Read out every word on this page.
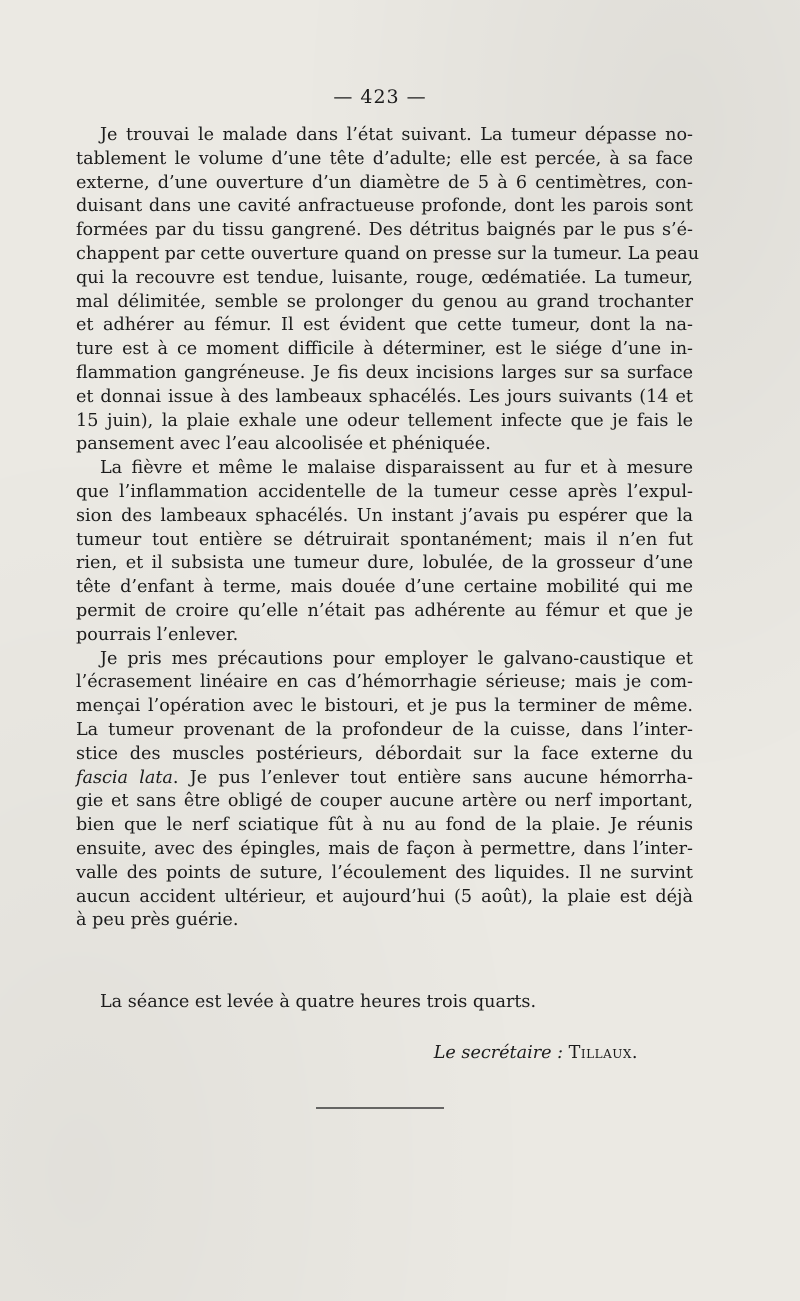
— 423 —
Je trouvai le malade dans l’état suivant. La tumeur dépasse no-
tablement le volume d’une tête d’adulte; elle est percée, à sa face
externe, d’une ouverture d’un diamètre de 5 à 6 centimètres, con-
duisant dans une cavité anfractueuse profonde, dont les parois sont
formées par du tissu gangrené. Des détritus baignés par le pus s’é-
chappent par cette ouverture quand on presse sur la tumeur. La peau
qui la recouvre est tendue, luisante, rouge, œdématiée. La tumeur,
mal délimitée, semble se prolonger du genou au grand trochanter
et adhérer au fémur. Il est évident que cette tumeur, dont la na-
ture est à ce moment difficile à déterminer, est le siége d’une in-
flammation gangréneuse. Je fis deux incisions larges sur sa surface
et donnai issue à des lambeaux sphacélés. Les jours suivants (14 et
15 juin), la plaie exhale une odeur tellement infecte que je fais le
pansement avec l’eau alcoolisée et phéniquée.
La fièvre et même le malaise disparaissent au fur et à mesure
que l’inflammation accidentelle de la tumeur cesse après l’expul-
sion des lambeaux sphacélés. Un instant j’avais pu espérer que la
tumeur tout entière se détruirait spontanément; mais il n’en fut
rien, et il subsista une tumeur dure, lobulée, de la grosseur d’une
tête d’enfant à terme, mais douée d’une certaine mobilité qui me
permit de croire qu’elle n’était pas adhérente au fémur et que je
pourrais l’enlever.
Je pris mes précautions pour employer le galvano-caustique et
l’écrasement linéaire en cas d’hémorrhagie sérieuse; mais je com-
mençai l’opération avec le bistouri, et je pus la terminer de même.
La tumeur provenant de la profondeur de la cuisse, dans l’inter-
stice des muscles postérieurs, débordait sur la face externe du
fascia lata. Je pus l’enlever tout entière sans aucune hémorrha-
gie et sans être obligé de couper aucune artère ou nerf important,
bien que le nerf sciatique fût à nu au fond de la plaie. Je réunis
ensuite, avec des épingles, mais de façon à permettre, dans l’inter-
valle des points de suture, l’écoulement des liquides. Il ne survint
aucun accident ultérieur, et aujourd’hui (5 août), la plaie est déjà
à peu près guérie.
La séance est levée à quatre heures trois quarts.
Le secrétaire : Tillaux.
